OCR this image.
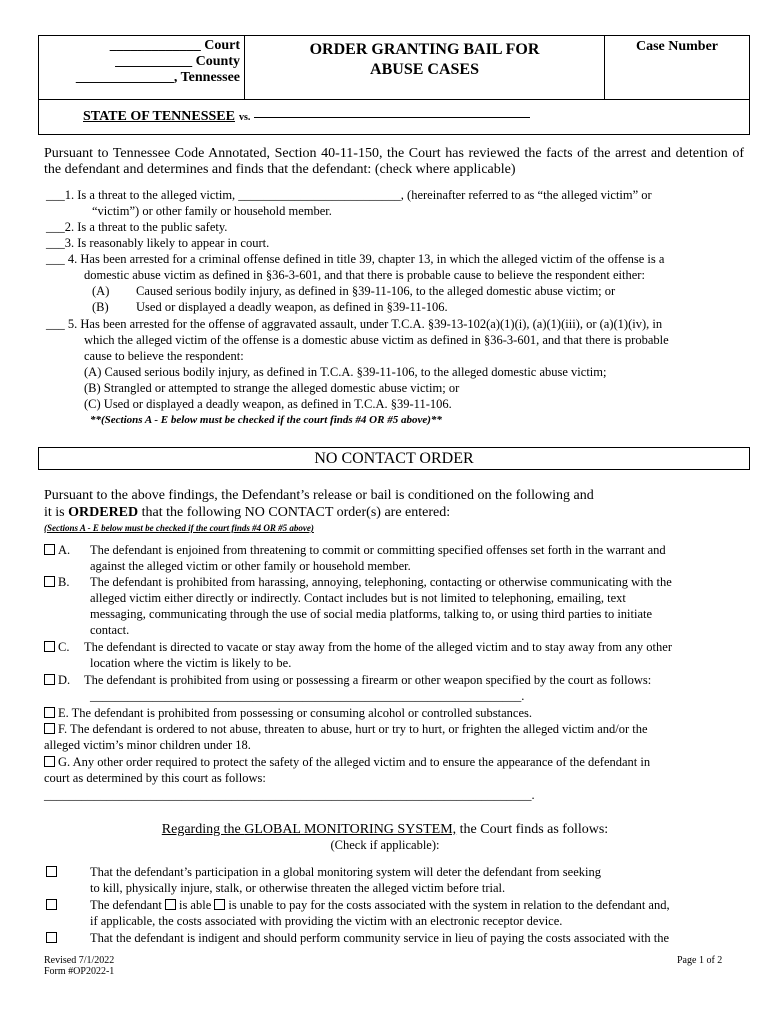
_____________ Court
___________ County
______________, Tennessee
ORDER GRANTING BAIL FOR
ABUSE CASES
Case Number
STATE OF TENNESSEE vs.
Pursuant to Tennessee Code Annotated, Section 40-11-150, the Court has reviewed the facts of the arrest and detention of the defendant and determines and finds that the defendant: (check where applicable)
___1. Is a threat to the alleged victim, __________________________, (hereinafter referred to as “the alleged victim” or
“victim”) or other family or household member.
___2. Is a threat to the public safety.
___3. Is reasonably likely to appear in court.
___ 4. Has been arrested for a criminal offense defined in title 39, chapter 13, in which the alleged victim of the offense is a
domestic abuse victim as defined in §36-3-601, and that there is probable cause to believe the respondent either:
(A) Caused serious bodily injury, as defined in §39-11-106, to the alleged domestic abuse victim; or
(B) Used or displayed a deadly weapon, as defined in §39-11-106.
___ 5. Has been arrested for the offense of aggravated assault, under T.C.A. §39-13-102(a)(1)(i), (a)(1)(iii), or (a)(1)(iv), in
which the alleged victim of the offense is a domestic abuse victim as defined in §36-3-601, and that there is probable
cause to believe the respondent:
(A) Caused serious bodily injury, as defined in T.C.A. §39-11-106, to the alleged domestic abuse victim;
(B) Strangled or attempted to strange the alleged domestic abuse victim; or
(C) Used or displayed a deadly weapon, as defined in T.C.A. §39-11-106.
**(Sections A - E below must be checked if the court finds #4 OR #5 above)**
NO CONTACT ORDER
Pursuant to the above findings, the Defendant’s release or bail is conditioned on the following and
it is ORDERED that the following NO CONTACT order(s) are entered:
(Sections A - E below must be checked if the court finds #4 OR #5 above)
A. The defendant is enjoined from threatening to commit or committing specified offenses set forth in the warrant and
against the alleged victim or other family or household member.
B. The defendant is prohibited from harassing, annoying, telephoning, contacting or otherwise communicating with the
alleged victim either directly or indirectly. Contact includes but is not limited to telephoning, emailing, text
messaging, communicating through the use of social media platforms, talking to, or using third parties to initiate
contact.
C. The defendant is directed to vacate or stay away from the home of the alleged victim and to stay away from any other
location where the victim is likely to be.
D. The defendant is prohibited from using or possessing a firearm or other weapon specified by the court as follows:
_____________________________________________________________________.
E. The defendant is prohibited from possessing or consuming alcohol or controlled substances.
F. The defendant is ordered to not abuse, threaten to abuse, hurt or try to hurt, or frighten the alleged victim and/or the
alleged victim’s minor children under 18.
G. Any other order required to protect the safety of the alleged victim and to ensure the appearance of the defendant in
court as determined by this court as follows:
______________________________________________________________________________.
Regarding the GLOBAL MONITORING SYSTEM, the Court finds as follows:
(Check if applicable):
That the defendant’s participation in a global monitoring system will deter the defendant from seeking
to kill, physically injure, stalk, or otherwise threaten the alleged victim before trial.
The defendant is able is unable to pay for the costs associated with the system in relation to the defendant and,
if applicable, the costs associated with providing the victim with an electronic receptor device.
That the defendant is indigent and should perform community service in lieu of paying the costs associated with the
Revised 7/1/2022
Form #OP2022-1
Page 1 of 2
